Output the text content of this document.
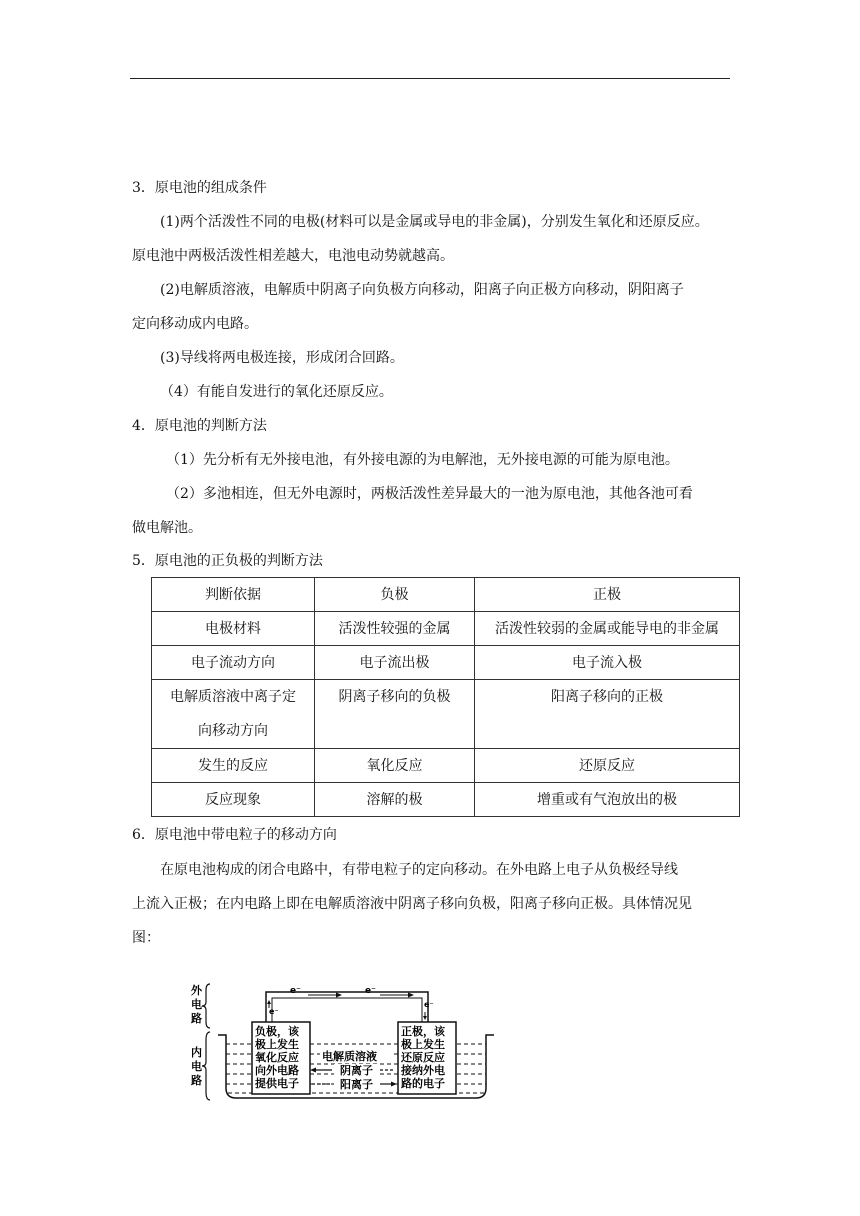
3．原电池的组成条件
(1)两个活泼性不同的电极(材料可以是金属或导电的非金属)，分别发生氧化和还原反应。
原电池中两极活泼性相差越大，电池电动势就越高。
(2)电解质溶液，电解质中阴离子向负极方向移动，阳离子向正极方向移动，阴阳离子
定向移动成内电路。
(3)导线将两电极连接，形成闭合回路。
（4）有能自发进行的氧化还原反应。
4．原电池的判断方法
（1）先分析有无外接电池，有外接电源的为电解池，无外接电源的可能为原电池。
（2）多池相连，但无外电源时，两极活泼性差异最大的一池为原电池，其他各池可看
做电解池。
5．原电池的正负极的判断方法
判断依据	负极	正极
电极材料	活泼性较强的金属	活泼性较弱的金属或能导电的非金属
电子流动方向	电子流出极	电子流入极

电解质溶液中离子定
向移动方向	阴离子移向的负极	阳离子移向的正极
发生的反应	氧化反应	还原反应
反应现象	溶解的极	增重或有气泡放出的极
6．原电池中带电粒子的移动方向
在原电池构成的闭合电路中，有带电粒子的定向移动。在外电路上电子从负极经导线
上流入正极；在内电路上即在电解质溶液中阴离子移向负极，阳离子移向正极。具体情况见
图：
外
电
路
内
电
路
e⁻	e⁻
e⁻
e⁻
负极，该
极上发生
氧化反应
向外电路
提供电子
正极，该
极上发生
还原反应
接纳外电
路的电子
电解质溶液
阴离子
阳离子
